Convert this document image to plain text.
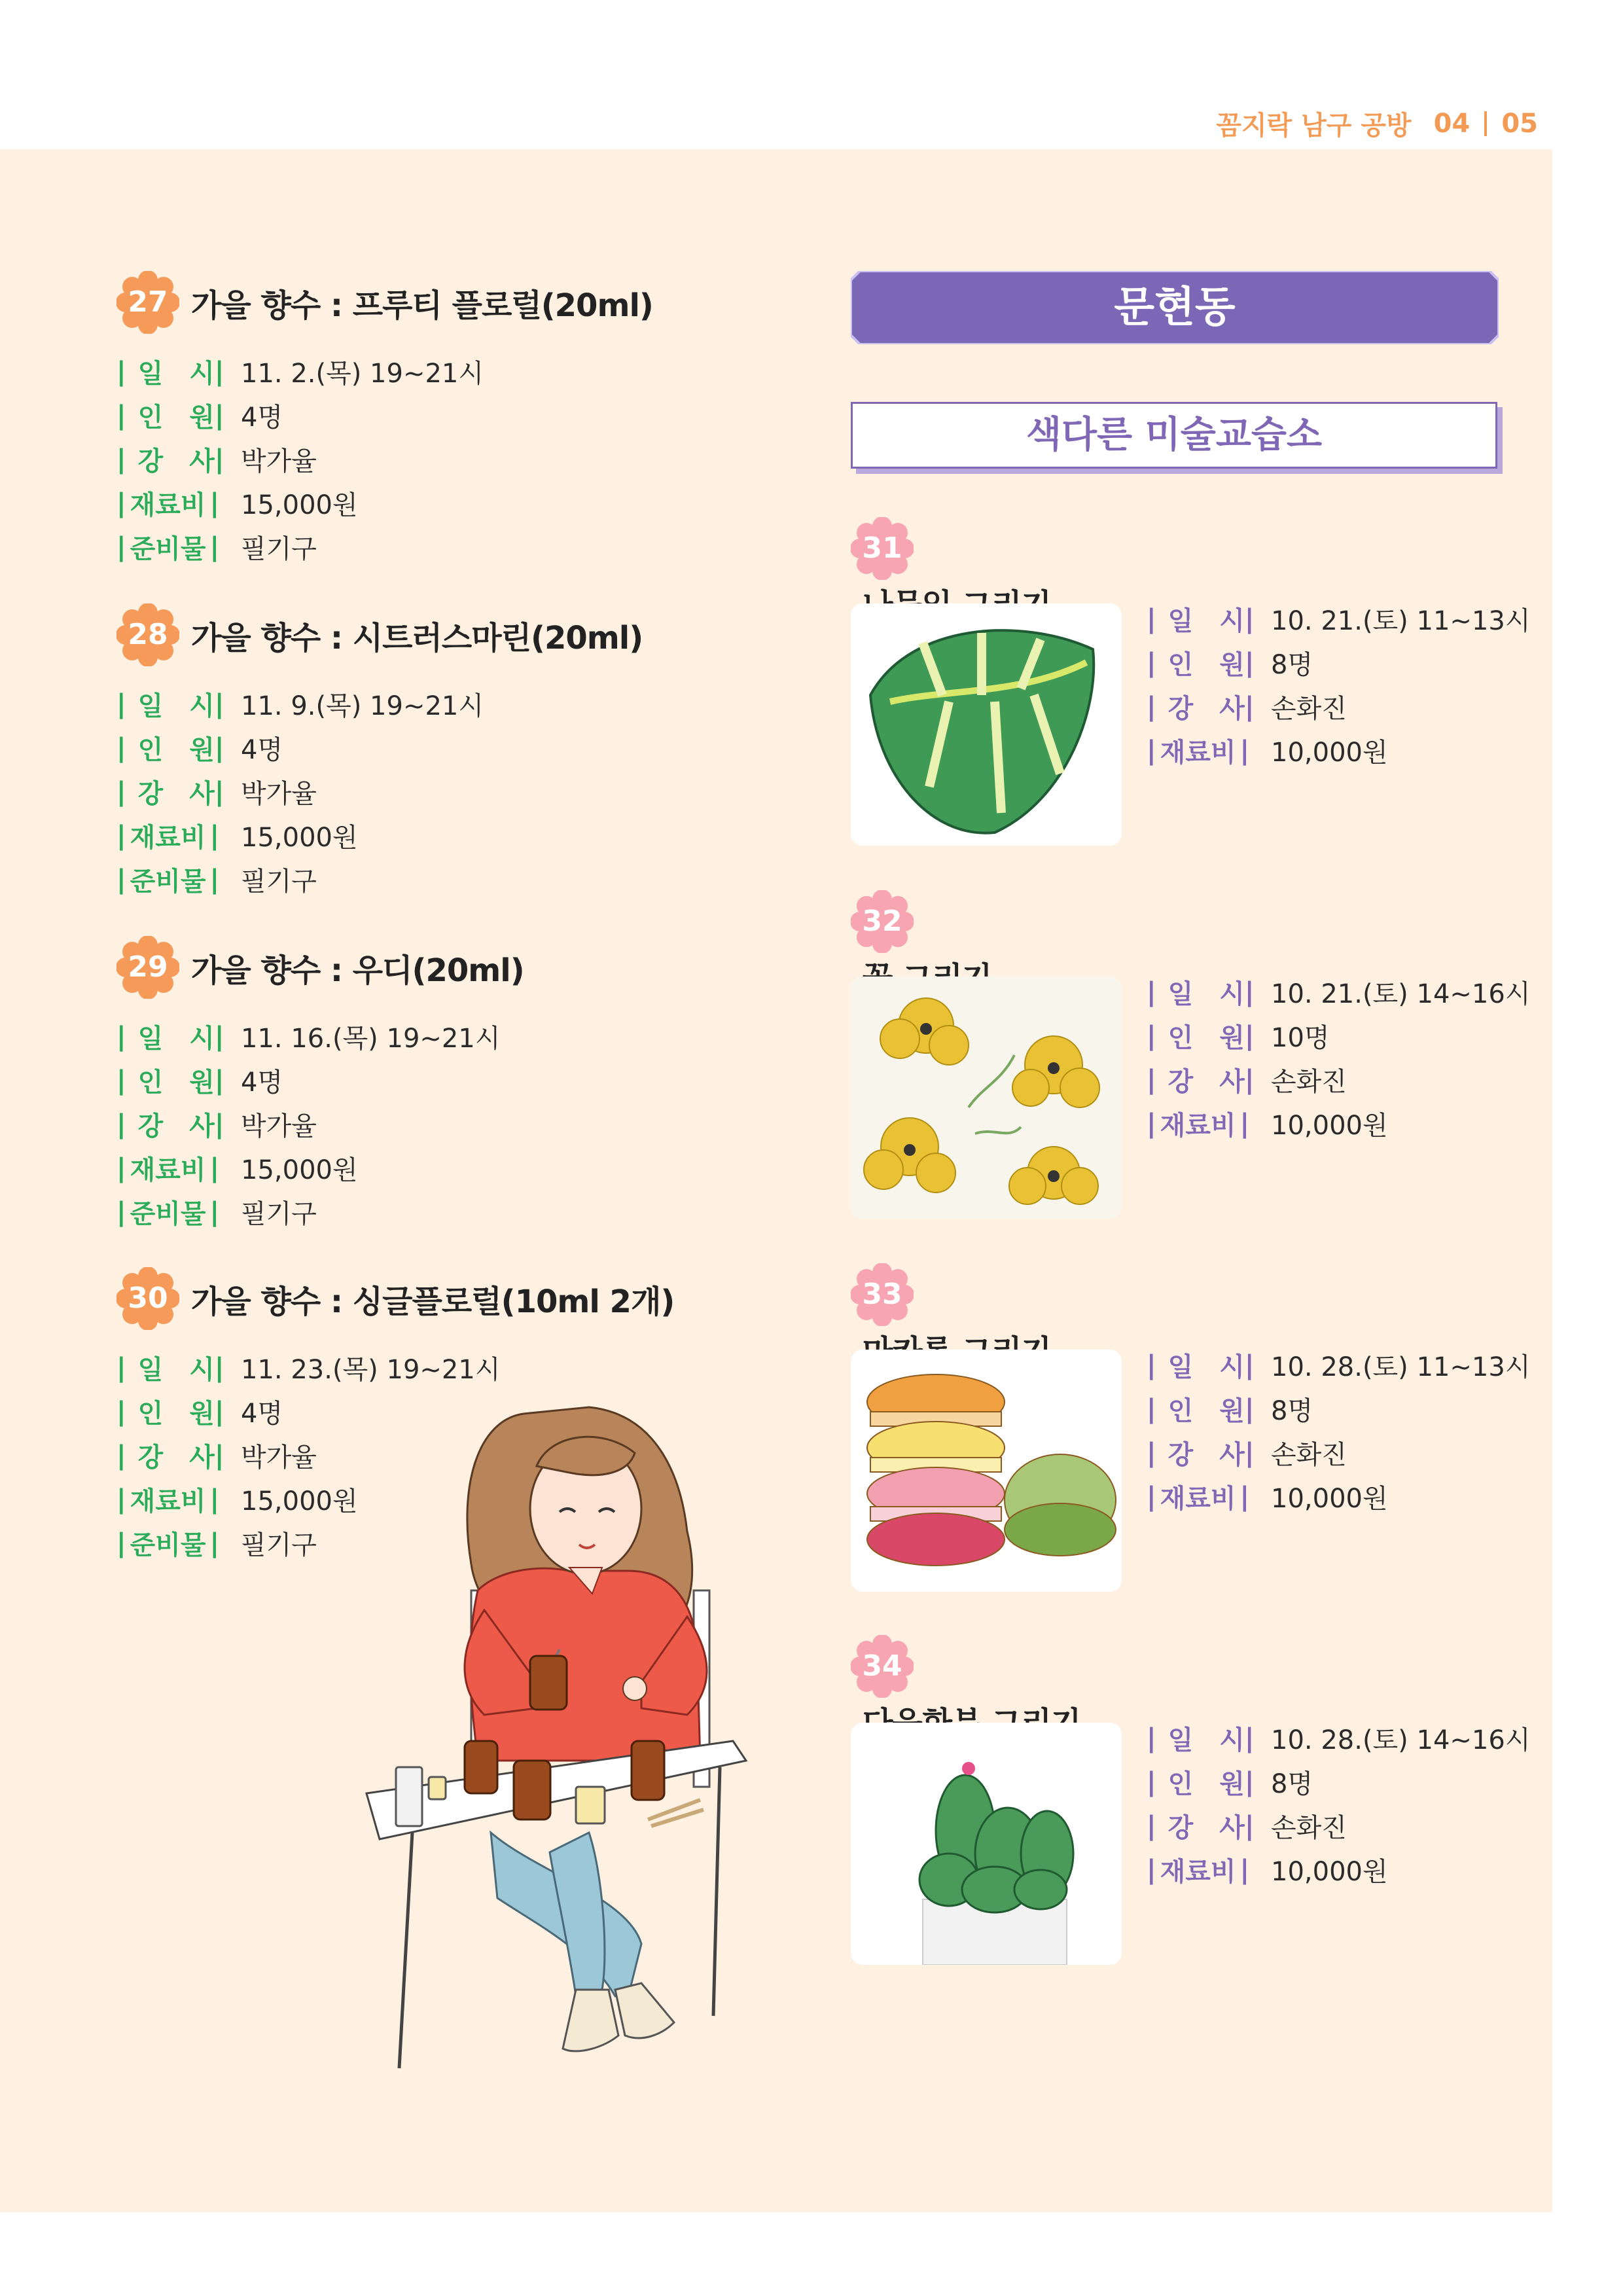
꼼지락 남구 공방 04 05
27 가을 향수 : 프루티 플로럴(20ml)
| 일 시 | 11. 2.(목) 19~21시
| 인 원 | 4명
| 강 사 | 박가율
| 재료비 | 15,000원
| 준비물 | 필기구
28 가을 향수 : 시트러스마린(20ml)
| 일 시 | 11. 9.(목) 19~21시
| 인 원 | 4명
| 강 사 | 박가율
| 재료비 | 15,000원
| 준비물 | 필기구
29 가을 향수 : 우디(20ml)
| 일 시 | 11. 16.(목) 19~21시
| 인 원 | 4명
| 강 사 | 박가율
| 재료비 | 15,000원
| 준비물 | 필기구
30 가을 향수 : 싱글플로럴(10ml 2개)
| 일 시 | 11. 23.(목) 19~21시
| 인 원 | 4명
| 강 사 | 박가율
| 재료비 | 15,000원
| 준비물 | 필기구
문현동
색다른 미술교습소
31
| 일 시 | 10. 21.(토) 11~13시
| 인 원 | 8명
| 강 사 | 손화진
| 재료비 | 10,000원
32
| 일 시 | 10. 21.(토) 14~16시
| 인 원 | 10명
| 강 사 | 손화진
| 재료비 | 10,000원
33
| 일 시 | 10. 28.(토) 11~13시
| 인 원 | 8명
| 강 사 | 손화진
| 재료비 | 10,000원
34
| 일 시 | 10. 28.(토) 14~16시
| 인 원 | 8명
| 강 사 | 손화진
| 재료비 | 10,000원
